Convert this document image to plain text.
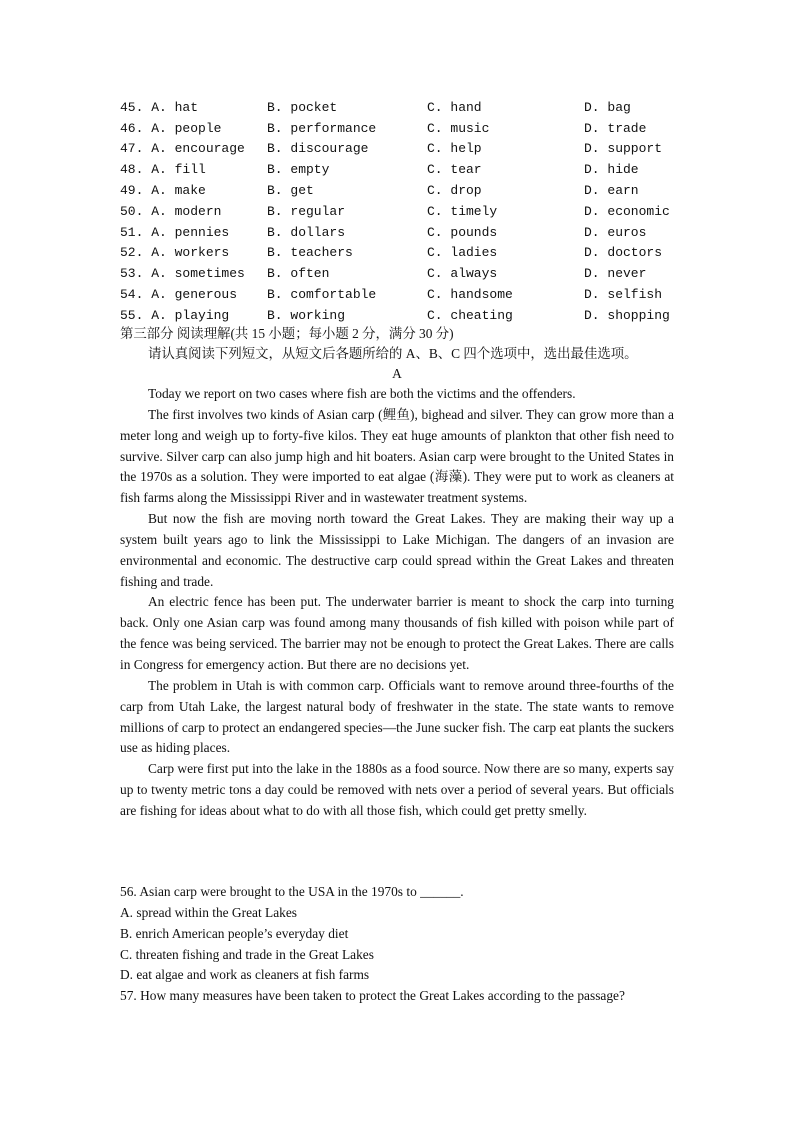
45. A. hat	B. pocket	C. hand	D. bag
46. A. people	B. performance	C. music	D. trade
47. A. encourage	B. discourage	C. help	D. support
48. A. fill	B. empty	C. tear	D. hide
49. A. make	B. get	C. drop	D. earn
50. A. modern	B. regular	C. timely	D. economic
51. A. pennies	B. dollars	C. pounds	D. euros
52. A. workers	B. teachers	C. ladies	D. doctors
53. A. sometimes	B. often	C. always	D. never
54. A. generous	B. comfortable	C. handsome	D. selfish
55. A. playing	B. working	C. cheating	D. shopping
第三部分 阅读理解(共 15 小题；每小题 2 分，满分 30 分)
请认真阅读下列短文，从短文后各题所给的 A、B、C 四个选项中，选出最佳选项。
A

Today we report on two cases where fish are both the victims and the offenders.

The first involves two kinds of Asian carp (鲤鱼), bighead and silver. They can grow more than a meter long and weigh up to forty-five kilos. They eat huge amounts of plankton that other fish need to survive. Silver carp can also jump high and hit boaters. Asian carp were brought to the United States in the 1970s as a solution. They were imported to eat algae (海藻). They were put to work as cleaners at fish farms along the Mississippi River and in wastewater treatment systems.

But now the fish are moving north toward the Great Lakes. They are making their way up a system built years ago to link the Mississippi to Lake Michigan. The dangers of an invasion are environmental and economic. The destructive carp could spread within the Great Lakes and threaten fishing and trade.

An electric fence has been put. The underwater barrier is meant to shock the carp into turning back. Only one Asian carp was found among many thousands of fish killed with poison while part of the fence was being serviced. The barrier may not be enough to protect the Great Lakes. There are calls in Congress for emergency action. But there are no decisions yet.

The problem in Utah is with common carp. Officials want to remove around three-fourths of the carp from Utah Lake, the largest natural body of freshwater in the state. The state wants to remove millions of carp to protect an endangered species—the June sucker fish. The carp eat plants the suckers use as hiding places.

Carp were first put into the lake in the 1880s as a food source. Now there are so many, experts say up to twenty metric tons a day could be removed with nets over a period of several years. But officials are fishing for ideas about what to do with all those fish, which could get pretty smelly.

56. Asian carp were brought to the USA in the 1970s to ______.

A. spread within the Great Lakes

B. enrich American people’s everyday diet

C. threaten fishing and trade in the Great Lakes

D. eat algae and work as cleaners at fish farms

57. How many measures have been taken to protect the Great Lakes according to the passage?
